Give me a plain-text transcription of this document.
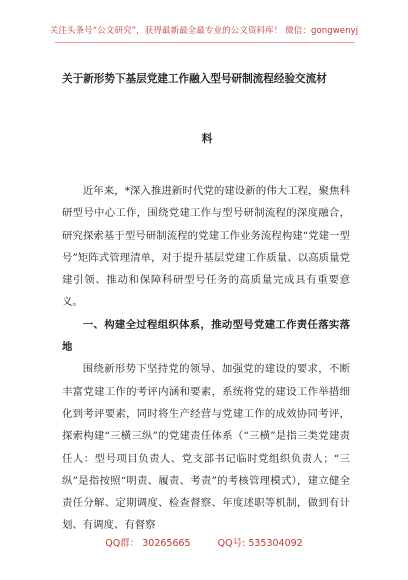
关注头条号“公文研究”，获得最新最全最专业的公文资料库！ 微信：gongwenyj
关于新形势下基层党建工作融入型号研制流程经验交流材
料

近年来，*深入推进新时代党的建设新的伟大工程，聚焦科研型号中心工作，围绕党建工作与型号研制流程的深度融合，研究探索基于型号研制流程的党建工作业务流程构建“党建一型号”矩阵式管理清单，对于提升基层党建工作质量、以高质量党建引领、推动和保障科研型号任务的高质量完成具有重要意义。

一、构建全过程组织体系，推动型号党建工作责任落实落地

围绕新形势下坚持党的领导、加强党的建设的要求，不断丰富党建工作的考评内涵和要素，系统将党的建设工作举措细化到考评要素，同时将生产经营与党建工作的成效协同考评，探索构建“三横三纵”的党建责任体系（“三横”是指三类党建责任人：型号项目负责人、党支部书记临时党组织负责人；“三纵”是指按照“明责、履责、考责”的考核管理模式），建立健全责任分解、定期调度、检查督察、年度述职等机制，做到有计划、有调度、有督察

QQ群： 30265665	QQ号: 535304092
